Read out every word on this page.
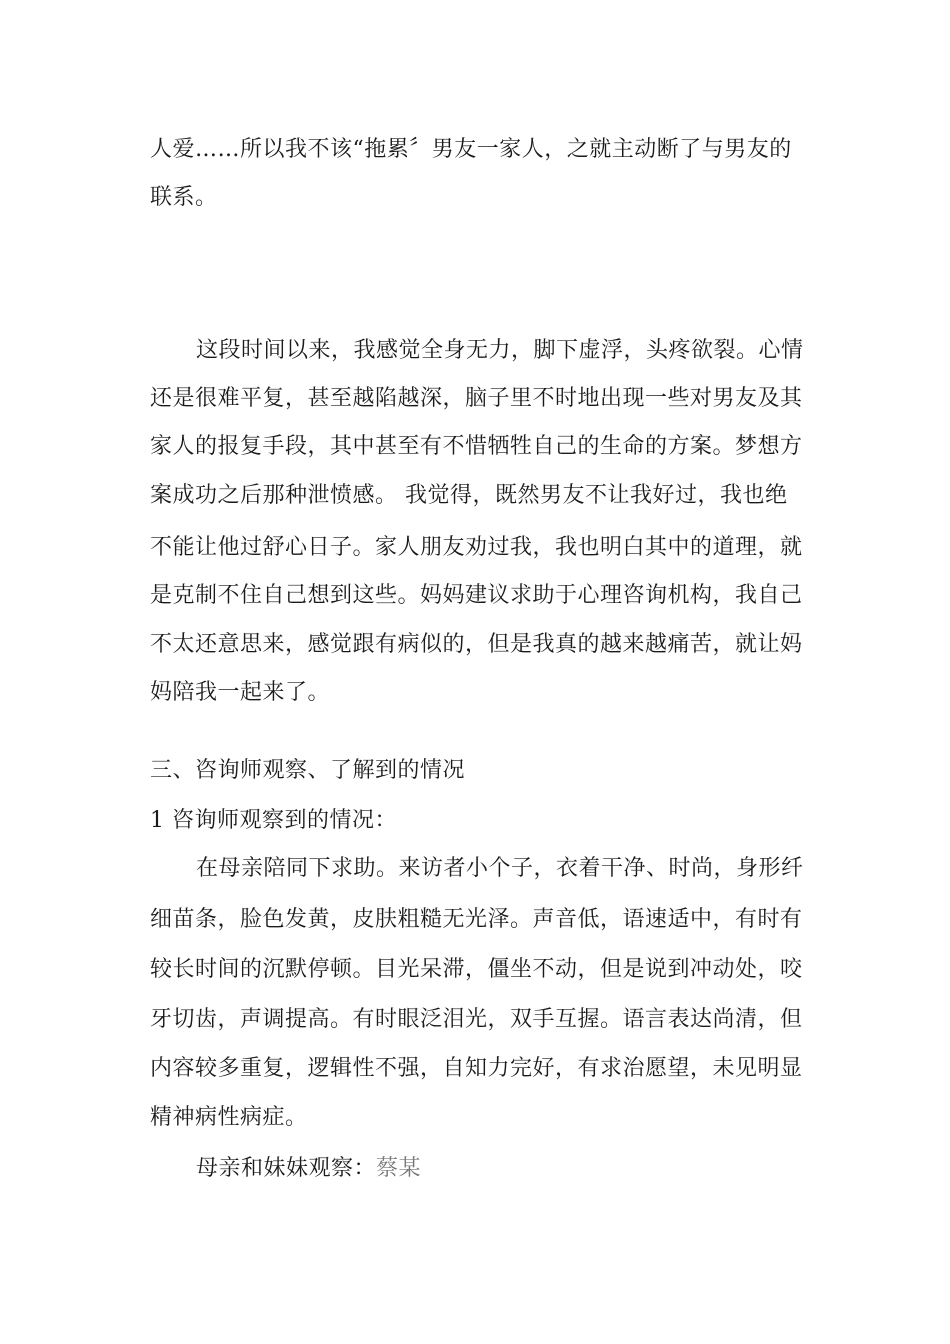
人爱……所以我不该“拖累〞男友一家人，之就主动断了与男友的
联系。
这段时间以来，我感觉全身无力，脚下虚浮，头疼欲裂。心情
还是很难平复，甚至越陷越深，脑子里不时地出现一些对男友及其
家人的报复手段，其中甚至有不惜牺牲自己的生命的方案。梦想方
案成功之后那种泄愤感。 我觉得，既然男友不让我好过，我也绝
不能让他过舒心日子。家人朋友劝过我，我也明白其中的道理，就
是克制不住自己想到这些。妈妈建议求助于心理咨询机构，我自己
不太还意思来，感觉跟有病似的，但是我真的越来越痛苦，就让妈
妈陪我一起来了。
三、咨询师观察、了解到的情况
1 咨询师观察到的情况：
在母亲陪同下求助。来访者小个子，衣着干净、时尚，身形纤
细苗条，脸色发黄，皮肤粗糙无光泽。声音低，语速适中，有时有
较长时间的沉默停顿。目光呆滞，僵坐不动，但是说到冲动处，咬
牙切齿，声调提高。有时眼泛泪光，双手互握。语言表达尚清，但
内容较多重复，逻辑性不强，自知力完好，有求治愿望，未见明显
精神病性病症。
母亲和妹妹观察：蔡某
